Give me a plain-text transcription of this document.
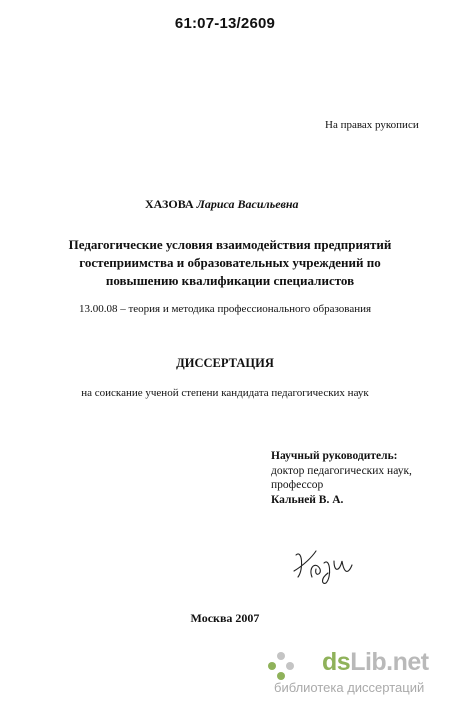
61:07-13/2609
На правах рукописи
ХАЗОВА Лариса Васильевна
Педагогические условия взаимодействия предприятий
гостеприимства и образовательных учреждений по
повышению квалификации специалистов
13.00.08 – теория и методика профессионального образования
ДИССЕРТАЦИЯ
на соискание ученой степени кандидата педагогических наук
Научный руководитель:
доктор педагогических наук,
профессор
Кальней В. А.
Москва 2007
dsLib.net
библиотека диссертаций
